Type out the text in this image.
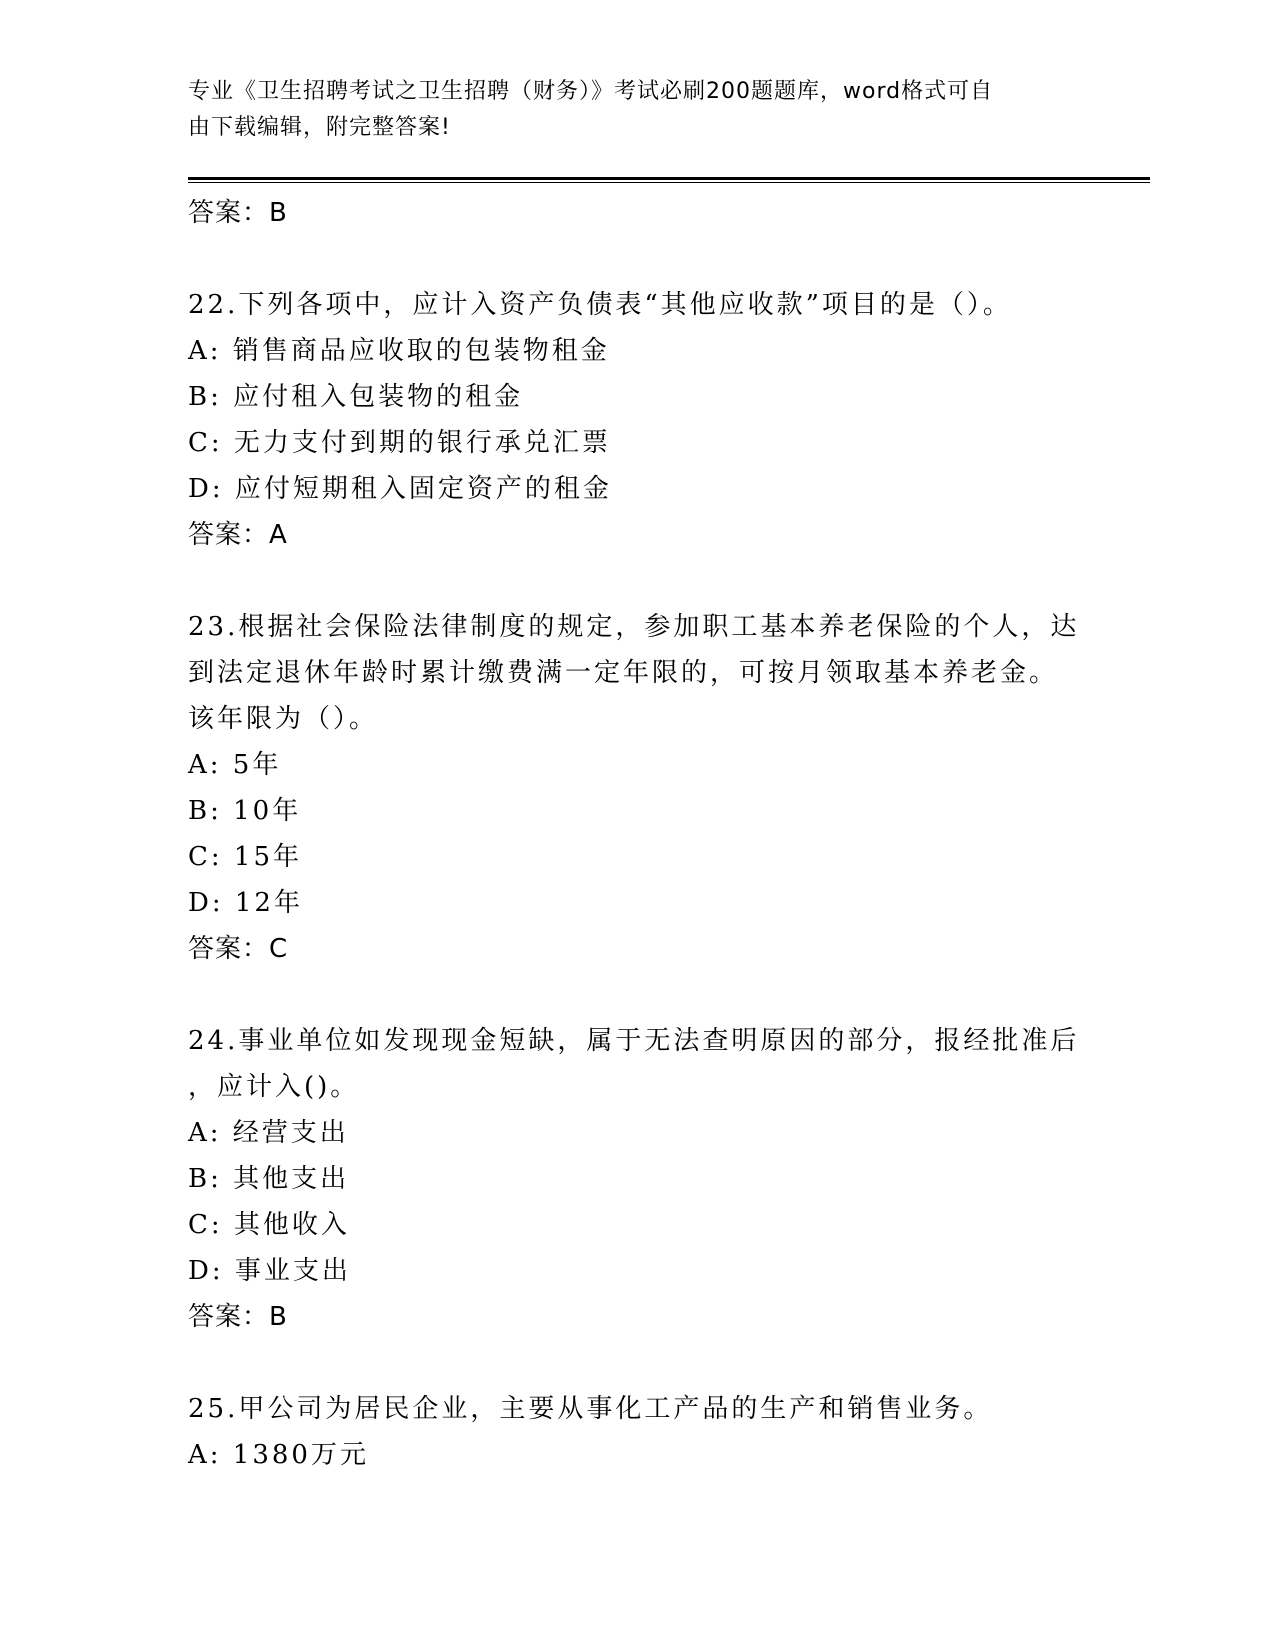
专业《卫生招聘考试之卫生招聘（财务）》考试必刷200题题库，word格式可自
由下载编辑，附完整答案!
答案：B
22.下列各项中，应计入资产负债表“其他应收款”项目的是（）。
A: 销售商品应收取的包装物租金
B: 应付租入包装物的租金
C: 无力支付到期的银行承兑汇票
D: 应付短期租入固定资产的租金
答案：A
23.根据社会保险法律制度的规定，参加职工基本养老保险的个人，达
到法定退休年龄时累计缴费满一定年限的，可按月领取基本养老金。
该年限为（）。
A: 5年
B: 10年
C: 15年
D: 12年
答案：C
24.事业单位如发现现金短缺，属于无法查明原因的部分，报经批准后
，应计入()。
A: 经营支出
B: 其他支出
C: 其他收入
D: 事业支出
答案：B
25.甲公司为居民企业，主要从事化工产品的生产和销售业务。
A: 1380万元
